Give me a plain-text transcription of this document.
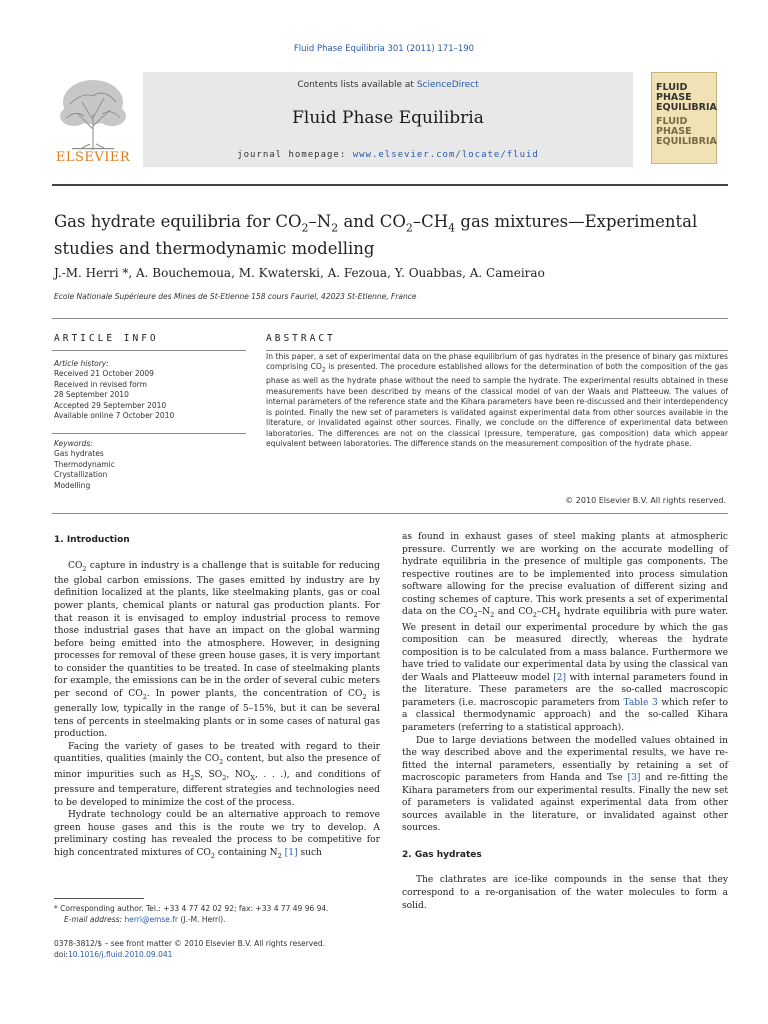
Fluid Phase Equilibria 301 (2011) 171–190
ELSEVIER
Contents lists available at ScienceDirect
Fluid Phase Equilibria
journal homepage: www.elsevier.com/locate/fluid
FLUID PHASE EQUILIBRIA
FLUID PHASE EQUILIBRIA
Gas hydrate equilibria for $CO_2-N_2$ and $CO_2-CH_4$ gas mixtures—Experimental studies and thermodynamic modelling
J.-M. Herri *, A. Bouchemoua, M. Kwaterski, A. Fezoua, Y. Ouabbas, A. Cameirao
Ecole Nationale Supérieure des Mines de St-Etienne 158 cours Fauriel, 42023 St-Etienne, France
ARTICLE INFO
Article history:
Received 21 October 2009
Received in revised form
28 September 2010
Accepted 29 September 2010
Available online 7 October 2010
Keywords:
Gas hydrates
Thermodynamic
Crystallization
Modelling
ABSTRACT
In this paper, a set of experimental data on the phase equilibrium of gas hydrates in the presence of binary gas mixtures comprising $CO_2$ is presented. The procedure established allows for the determination of both the composition of the gas phase as well as the hydrate phase without the need to sample the hydrate. The experimental results obtained in these measurements have been described by means of the classical model of van der Waals and Platteeuw. The values of internal parameters of the reference state and the Kihara parameters have been re-discussed and their interdependency is pointed. Finally the new set of parameters is validated against experimental data from other sources available in the literature, or invalidated against other sources. Finally, we conclude on the difference of experimental data between laboratories. The differences are not on the classical (pressure, temperature, gas composition) data which appear equivalent between laboratories. The difference stands on the measurement composition of the hydrate phase.
© 2010 Elsevier B.V. All rights reserved.
1. Introduction

$CO_2$ capture in industry is a challenge that is suitable for reducing the global carbon emissions. The gases emitted by industry are by definition localized at the plants, like steelmaking plants, gas or coal power plants, chemical plants or natural gas production plants. For that reason it is envisaged to employ industrial process to remove those industrial gases that have an impact on the global warming before being emitted into the atmosphere. However, in designing processes for removal of these green house gases, it is very important to consider the quantities to be treated. In case of steelmaking plants for example, the emissions can be in the order of several cubic meters per second of $CO_2$. In power plants, the concentration of $CO_2$ is generally low, typically in the range of 5–15%, but it can be several tens of percents in steelmaking plants or in some cases of natural gas production.

Facing the variety of gases to be treated with regard to their quantities, qualities (mainly the $CO_2$ content, but also the presence of minor impurities such as $H_2S$, $SO_2$, $NO_X$, . . .), and conditions of pressure and temperature, different strategies and technologies need to be developed to minimize the cost of the process.

Hydrate technology could be an alternative approach to remove green house gases and this is the route we try to develop. A preliminary costing has revealed the process to be competitive for high concentrated mixtures of $CO_2$ containing $N_2$ [1] such

as found in exhaust gases of steel making plants at atmospheric pressure. Currently we are working on the accurate modelling of hydrate equilibria in the presence of multiple gas components. The respective routines are to be implemented into process simulation software allowing for the precise evaluation of different sizing and costing schemes of capture. This work presents a set of experimental data on the $CO_2-N_2$ and $CO_2-CH_4$ hydrate equilibria with pure water. We present in detail our experimental procedure by which the gas composition can be measured directly, whereas the hydrate composition is to be calculated from a mass balance. Furthermore we have tried to validate our experimental data by using the classical van der Waals and Platteeuw model [2] with internal parameters found in the literature. These parameters are the so-called macroscopic parameters (i.e. macroscopic parameters from Table 3 which refer to a classical thermodynamic approach) and the so-called Kihara parameters (referring to a statistical approach).

Due to large deviations between the modelled values obtained in the way described above and the experimental results, we have re-fitted the internal parameters, essentially by retaining a set of macroscopic parameters from Handa and Tse [3] and re-fitting the Kihara parameters from our experimental results. Finally the new set of parameters is validated against experimental data from other sources available in the literature, or invalidated against other sources.

2. Gas hydrates

The clathrates are ice-like compounds in the sense that they correspond to a re-organisation of the water molecules to form a solid.

* Corresponding author. Tel.: +33 4 77 42 02 92; fax: +33 4 77 49 96 94.
E-mail address: herri@emse.fr (J.-M. Herri).
0378-3812/$ – see front matter © 2010 Elsevier B.V. All rights reserved.
doi:10.1016/j.fluid.2010.09.041
